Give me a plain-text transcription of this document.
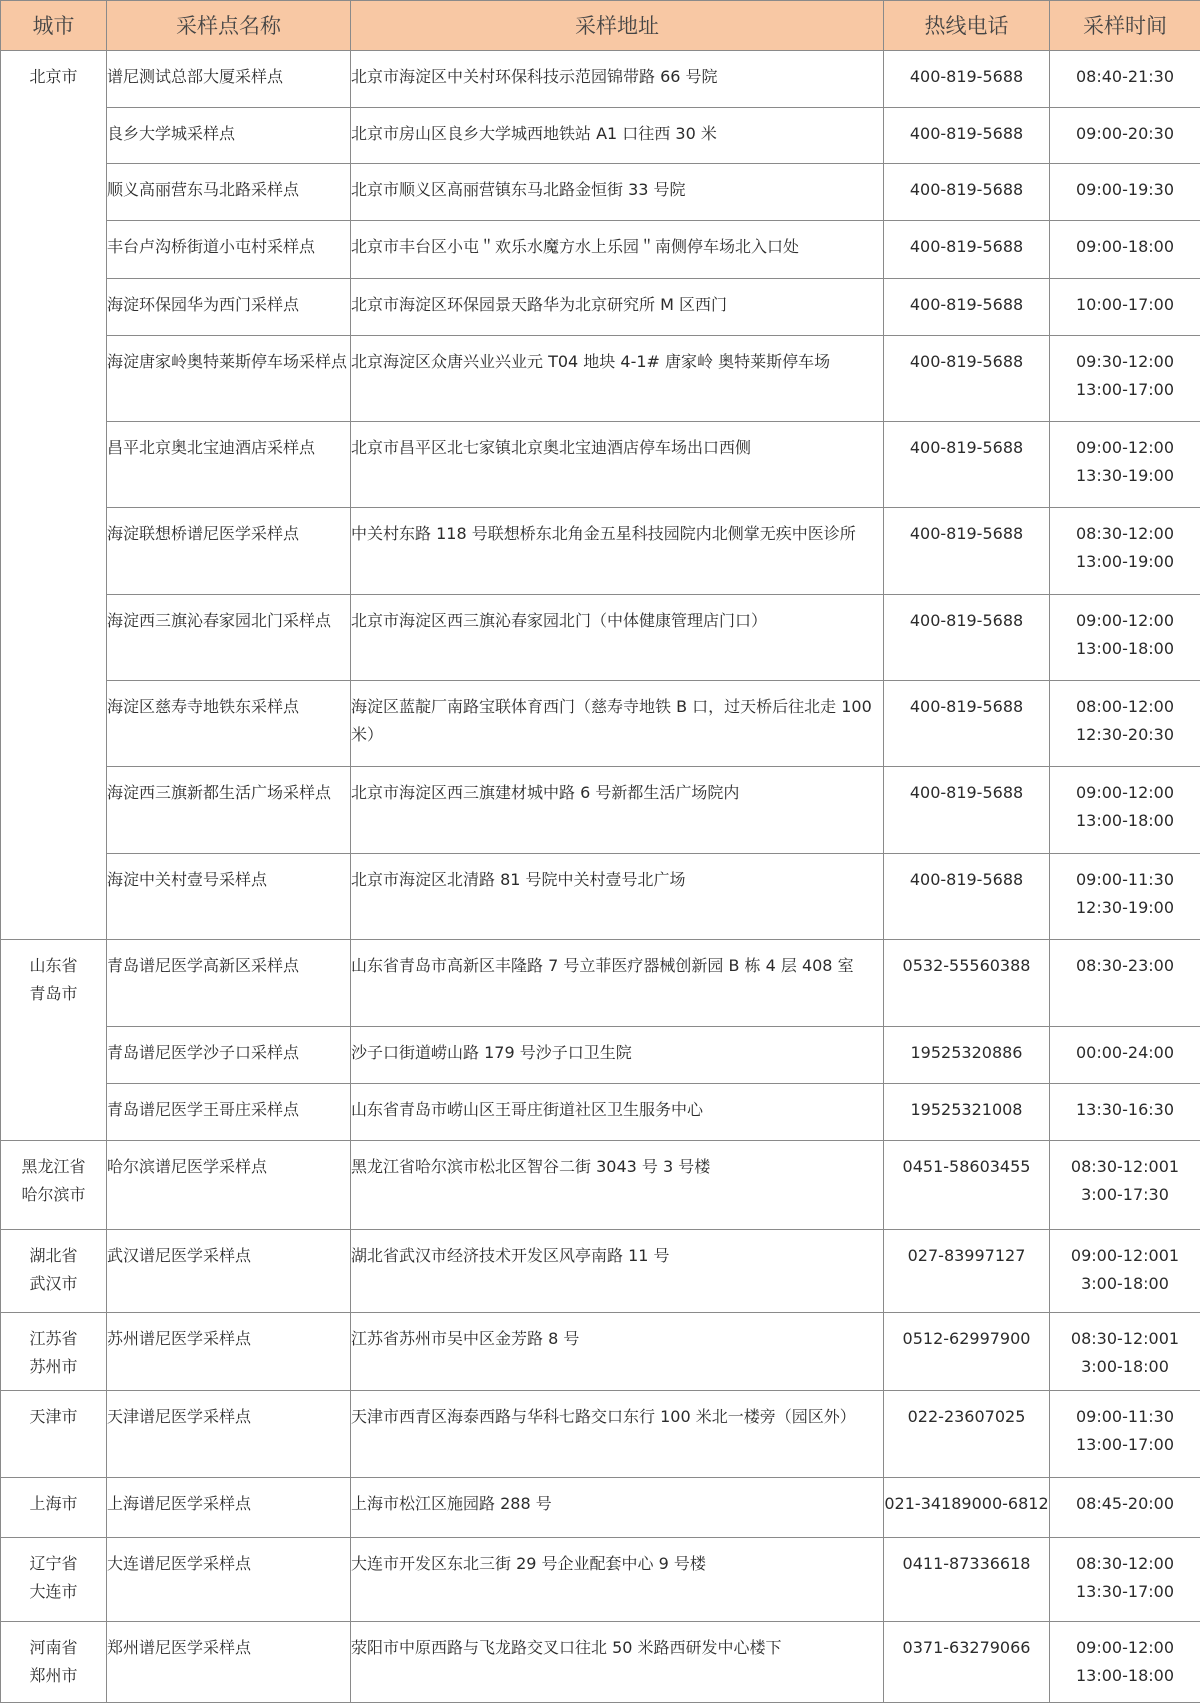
城市	采样点名称	采样地址	热线电话	采样时间

北京市	谱尼测试总部大厦采样点	北京市海淀区中关村环保科技示范园锦带路 66 号院	400-819-5688	08:40-21:30

	良乡大学城采样点	北京市房山区良乡大学城西地铁站 A1 口往西 30 米	400-819-5688	09:00-20:30

	顺义高丽营东马北路采样点	北京市顺义区高丽营镇东马北路金恒街 33 号院	400-819-5688	09:00-19:30

	丰台卢沟桥街道小屯村采样点	北京市丰台区小屯＂欢乐水魔方水上乐园＂南侧停车场北入口处	400-819-5688	09:00-18:00

	海淀环保园华为西门采样点	北京市海淀区环保园景天路华为北京研究所 M 区西门	400-819-5688	10:00-17:00

	海淀唐家岭奥特莱斯停车场采样点	北京海淀区众唐兴业兴业元 T04 地块 4-1# 唐家岭 奥特莱斯停车场	400-819-5688	09:30-12:00
13:00-17:00

	昌平北京奥北宝迪酒店采样点	北京市昌平区北七家镇北京奥北宝迪酒店停车场出口西侧	400-819-5688	09:00-12:00
13:30-19:00

	海淀联想桥谱尼医学采样点	中关村东路 118 号联想桥东北角金五星科技园院内北侧掌无疾中医诊所	400-819-5688	08:30-12:00
13:00-19:00

	海淀西三旗沁春家园北门采样点	北京市海淀区西三旗沁春家园北门（中体健康管理店门口）	400-819-5688	09:00-12:00
13:00-18:00

	海淀区慈寿寺地铁东采样点	海淀区蓝靛厂南路宝联体育西门（慈寿寺地铁 B 口，过天桥后往北走 100 米）	400-819-5688	08:00-12:00
12:30-20:30

	海淀西三旗新都生活广场采样点	北京市海淀区西三旗建材城中路 6 号新都生活广场院内	400-819-5688	09:00-12:00
13:00-18:00

	海淀中关村壹号采样点	北京市海淀区北清路 81 号院中关村壹号北广场	400-819-5688	09:00-11:30
12:30-19:00

山东省
青岛市	青岛谱尼医学高新区采样点	山东省青岛市高新区丰隆路 7 号立菲医疗器械创新园 B 栋 4 层 408 室	0532-55560388	08:30-23:00

	青岛谱尼医学沙子口采样点	沙子口街道崂山路 179 号沙子口卫生院	19525320886	00:00-24:00

	青岛谱尼医学王哥庄采样点	山东省青岛市崂山区王哥庄街道社区卫生服务中心	19525321008	13:30-16:30

黑龙江省
哈尔滨市	哈尔滨谱尼医学采样点	黑龙江省哈尔滨市松北区智谷二街 3043 号 3 号楼	0451-58603455	08:30-12:001
3:00-17:30

湖北省
武汉市	武汉谱尼医学采样点	湖北省武汉市经济技术开发区风亭南路 11 号	027-83997127	09:00-12:001
3:00-18:00

江苏省
苏州市	苏州谱尼医学采样点	江苏省苏州市吴中区金芳路 8 号	0512-62997900	08:30-12:001
3:00-18:00

天津市	天津谱尼医学采样点	天津市西青区海泰西路与华科七路交口东行 100 米北一楼旁（园区外）	022-23607025	09:00-11:30
13:00-17:00

上海市	上海谱尼医学采样点	上海市松江区施园路 288 号	021-34189000-6812	08:45-20:00

辽宁省
大连市	大连谱尼医学采样点	大连市开发区东北三街 29 号企业配套中心 9 号楼	0411-87336618	08:30-12:00
13:30-17:00

河南省
郑州市	郑州谱尼医学采样点	荥阳市中原西路与飞龙路交叉口往北 50 米路西研发中心楼下	0371-63279066	09:00-12:00
13:00-18:00
